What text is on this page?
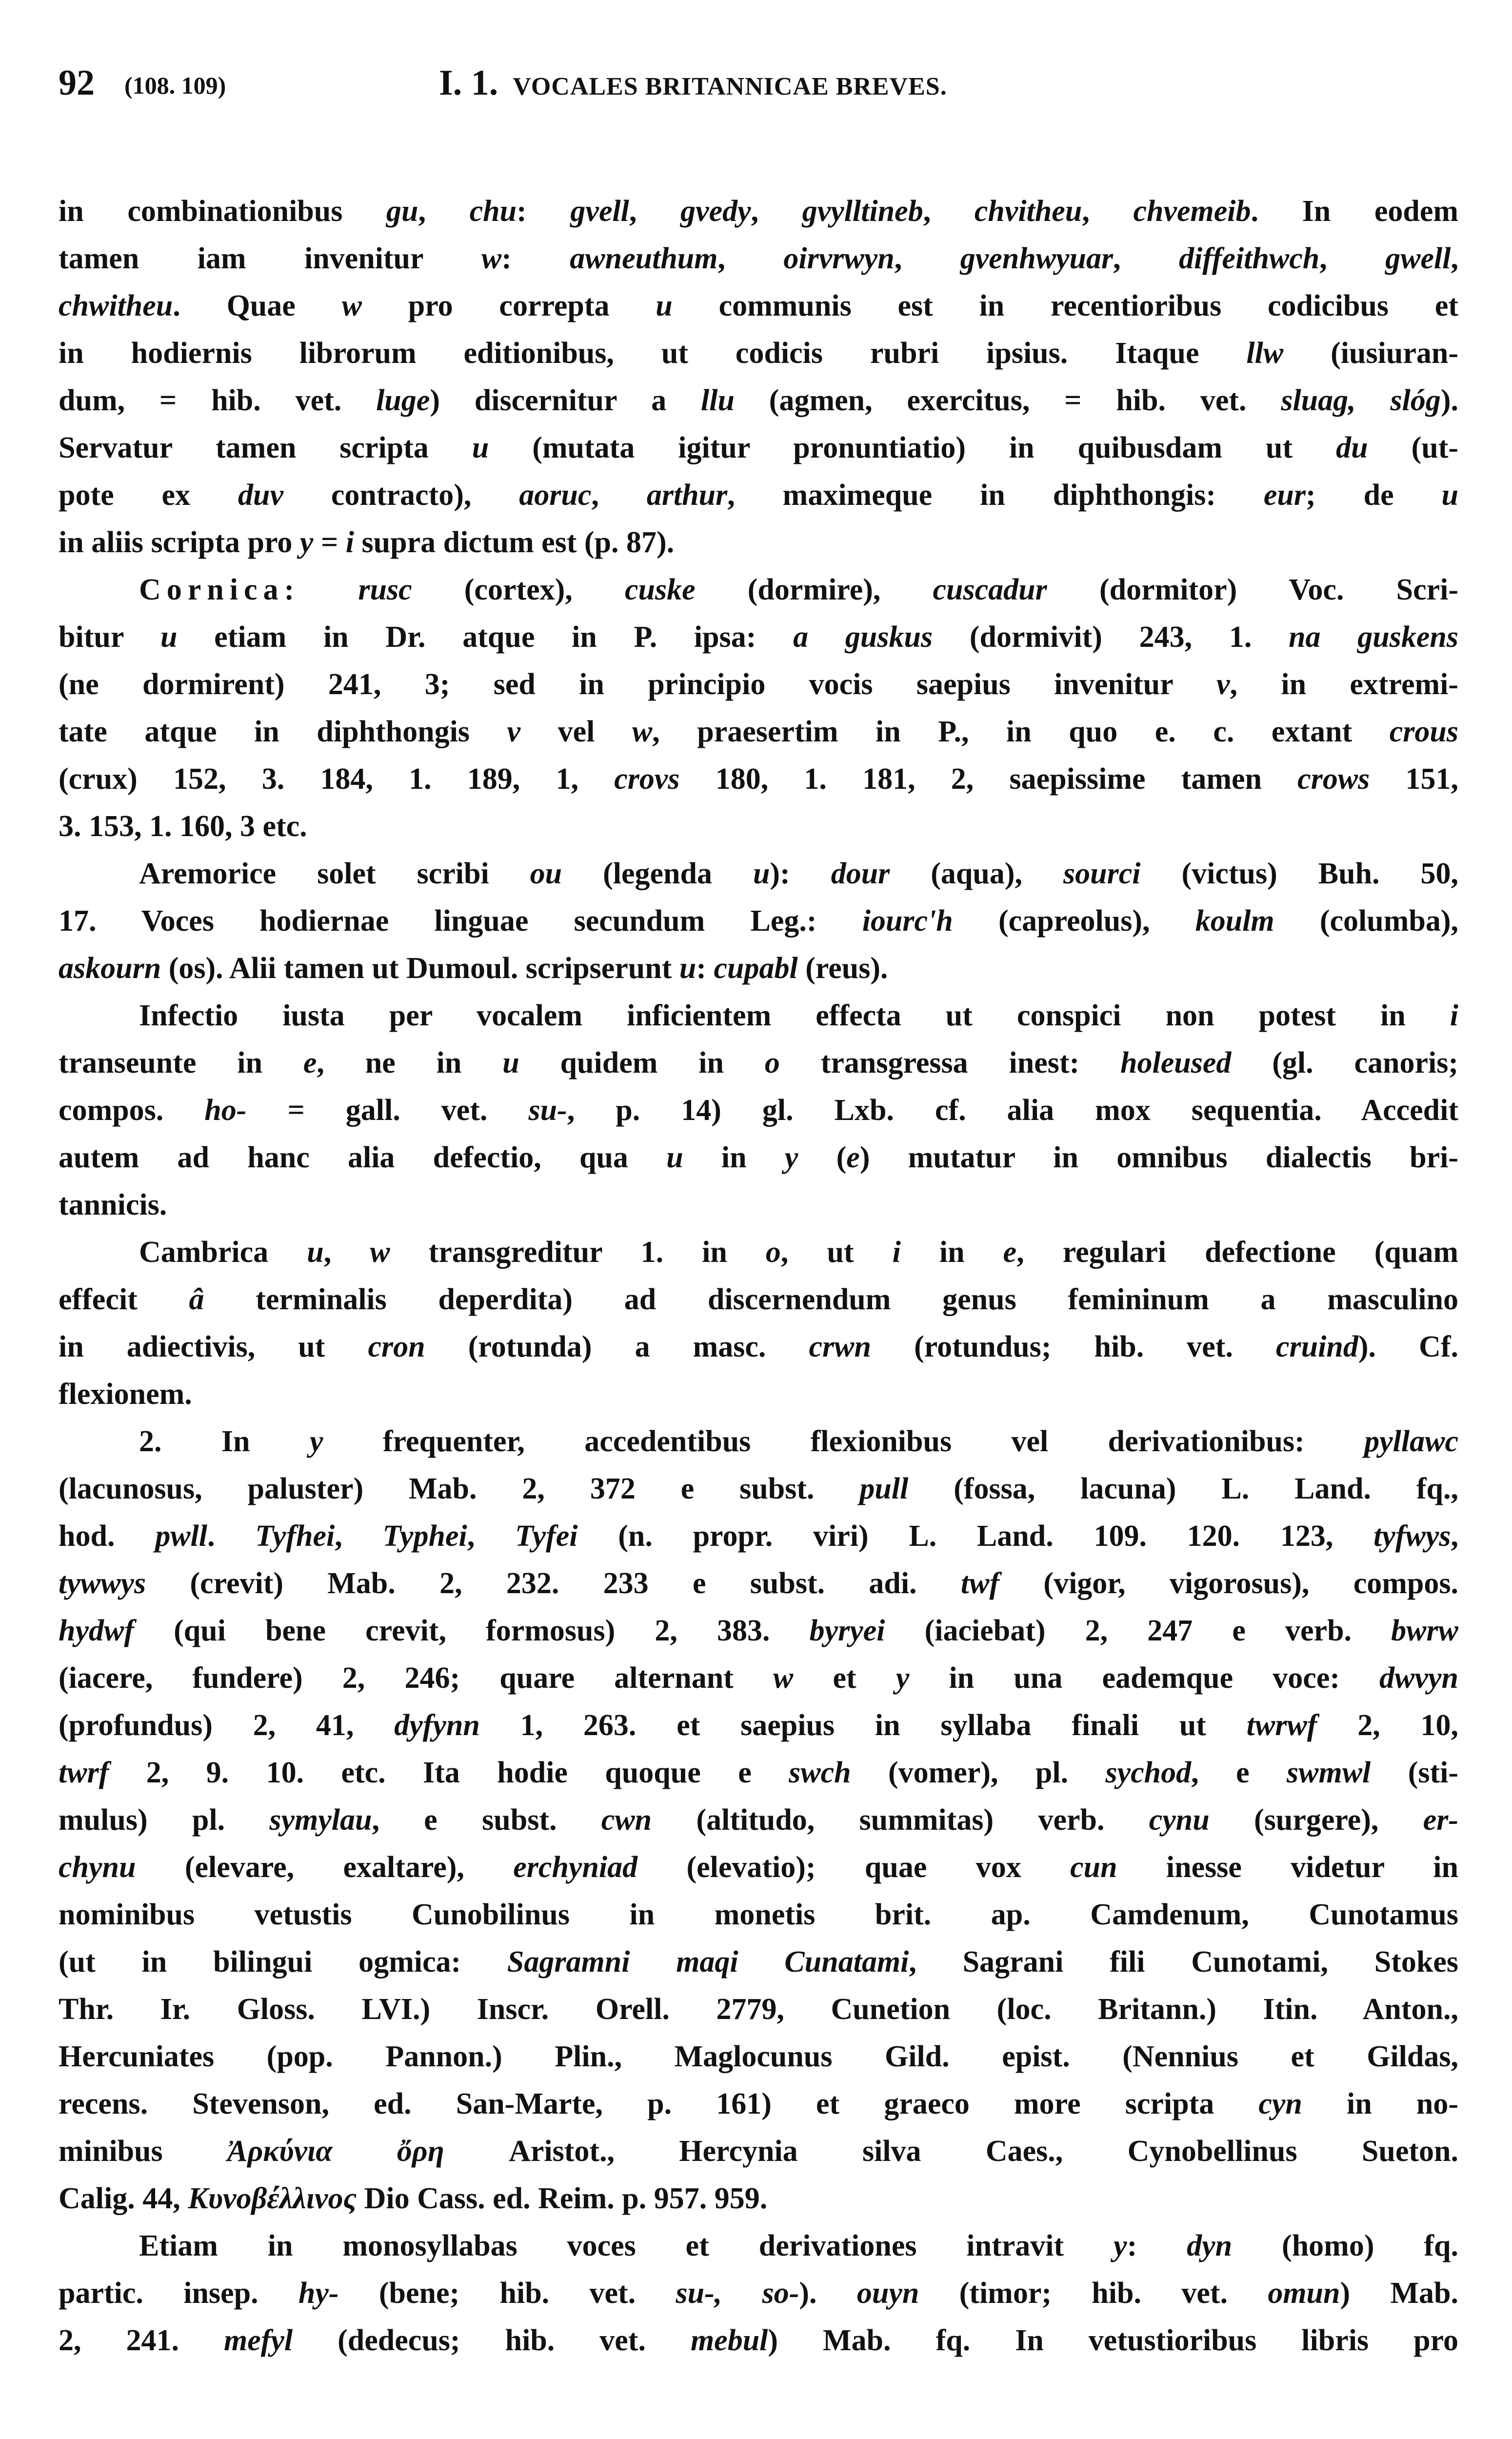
92 (108. 109)	I. 1. VOCALES BRITANNICAE BREVES.
in combinationibus gu, chu: gvell, gvedy, gvylltineb, chvitheu, chvemeib. In eodem
tamen iam invenitur w: awneuthum, oirvrwyn, gvenhwyuar, diffeithwch, gwell,
chwitheu. Quae w pro correpta u communis est in recentioribus codicibus et
in hodiernis librorum editionibus, ut codicis rubri ipsius. Itaque llw (iusiuran-
dum, = hib. vet. luge) discernitur a llu (agmen, exercitus, = hib. vet. sluag, slóg).
Servatur tamen scripta u (mutata igitur pronuntiatio) in quibusdam ut du (ut-
pote ex duv contracto), aoruc, arthur, maximeque in diphthongis: eur; de u
in aliis scripta pro y = i supra dictum est (p. 87).
Cornica: rusc (cortex), cuske (dormire), cuscadur (dormitor) Voc. Scri-
bitur u etiam in Dr. atque in P. ipsa: a guskus (dormivit) 243, 1. na guskens
(ne dormirent) 241, 3; sed in principio vocis saepius invenitur v, in extremi-
tate atque in diphthongis v vel w, praesertim in P., in quo e. c. extant crous
(crux) 152, 3. 184, 1. 189, 1, crovs 180, 1. 181, 2, saepissime tamen crows 151,
3. 153, 1. 160, 3 etc.
Aremorice solet scribi ou (legenda u): dour (aqua), sourci (victus) Buh. 50,
17. Voces hodiernae linguae secundum Leg.: iourc'h (capreolus), koulm (columba),
askourn (os). Alii tamen ut Dumoul. scripserunt u: cupabl (reus).
Infectio iusta per vocalem inficientem effecta ut conspici non potest in i
transeunte in e, ne in u quidem in o transgressa inest: holeused (gl. canoris;
compos. ho- = gall. vet. su-, p. 14) gl. Lxb. cf. alia mox sequentia. Accedit
autem ad hanc alia defectio, qua u in y (e) mutatur in omnibus dialectis bri-
tannicis.
Cambrica u, w transgreditur 1. in o, ut i in e, regulari defectione (quam
effecit â terminalis deperdita) ad discernendum genus femininum a masculino
in adiectivis, ut cron (rotunda) a masc. crwn (rotundus; hib. vet. cruind). Cf.
flexionem.
2. In y frequenter, accedentibus flexionibus vel derivationibus: pyllawc
(lacunosus, paluster) Mab. 2, 372 e subst. pull (fossa, lacuna) L. Land. fq.,
hod. pwll. Tyfhei, Typhei, Tyfei (n. propr. viri) L. Land. 109. 120. 123, tyfwys,
tywwys (crevit) Mab. 2, 232. 233 e subst. adi. twf (vigor, vigorosus), compos.
hydwf (qui bene crevit, formosus) 2, 383. byryei (iaciebat) 2, 247 e verb. bwrw
(iacere, fundere) 2, 246; quare alternant w et y in una eademque voce: dwvyn
(profundus) 2, 41, dyfynn 1, 263. et saepius in syllaba finali ut twrwf 2, 10,
twrf 2, 9. 10. etc. Ita hodie quoque e swch (vomer), pl. sychod, e swmwl (sti-
mulus) pl. symylau, e subst. cwn (altitudo, summitas) verb. cynu (surgere), er-
chynu (elevare, exaltare), erchyniad (elevatio); quae vox cun inesse videtur in
nominibus vetustis Cunobilinus in monetis brit. ap. Camdenum, Cunotamus
(ut in bilingui ogmica: Sagramni maqi Cunatami, Sagrani fili Cunotami, Stokes
Thr. Ir. Gloss. LVI.) Inscr. Orell. 2779, Cunetion (loc. Britann.) Itin. Anton.,
Hercuniates (pop. Pannon.) Plin., Maglocunus Gild. epist. (Nennius et Gildas,
recens. Stevenson, ed. San-Marte, p. 161) et graeco more scripta cyn in no-
minibus Ἀρκύνια ὄρη Aristot., Hercynia silva Caes., Cynobellinus Sueton.
Calig. 44, Κυνοβέλλινος Dio Cass. ed. Reim. p. 957. 959.
Etiam in monosyllabas voces et derivationes intravit y: dyn (homo) fq.
partic. insep. hy- (bene; hib. vet. su-, so-). ouyn (timor; hib. vet. omun) Mab.
2, 241. mefyl (dedecus; hib. vet. mebul) Mab. fq. In vetustioribus libris pro
